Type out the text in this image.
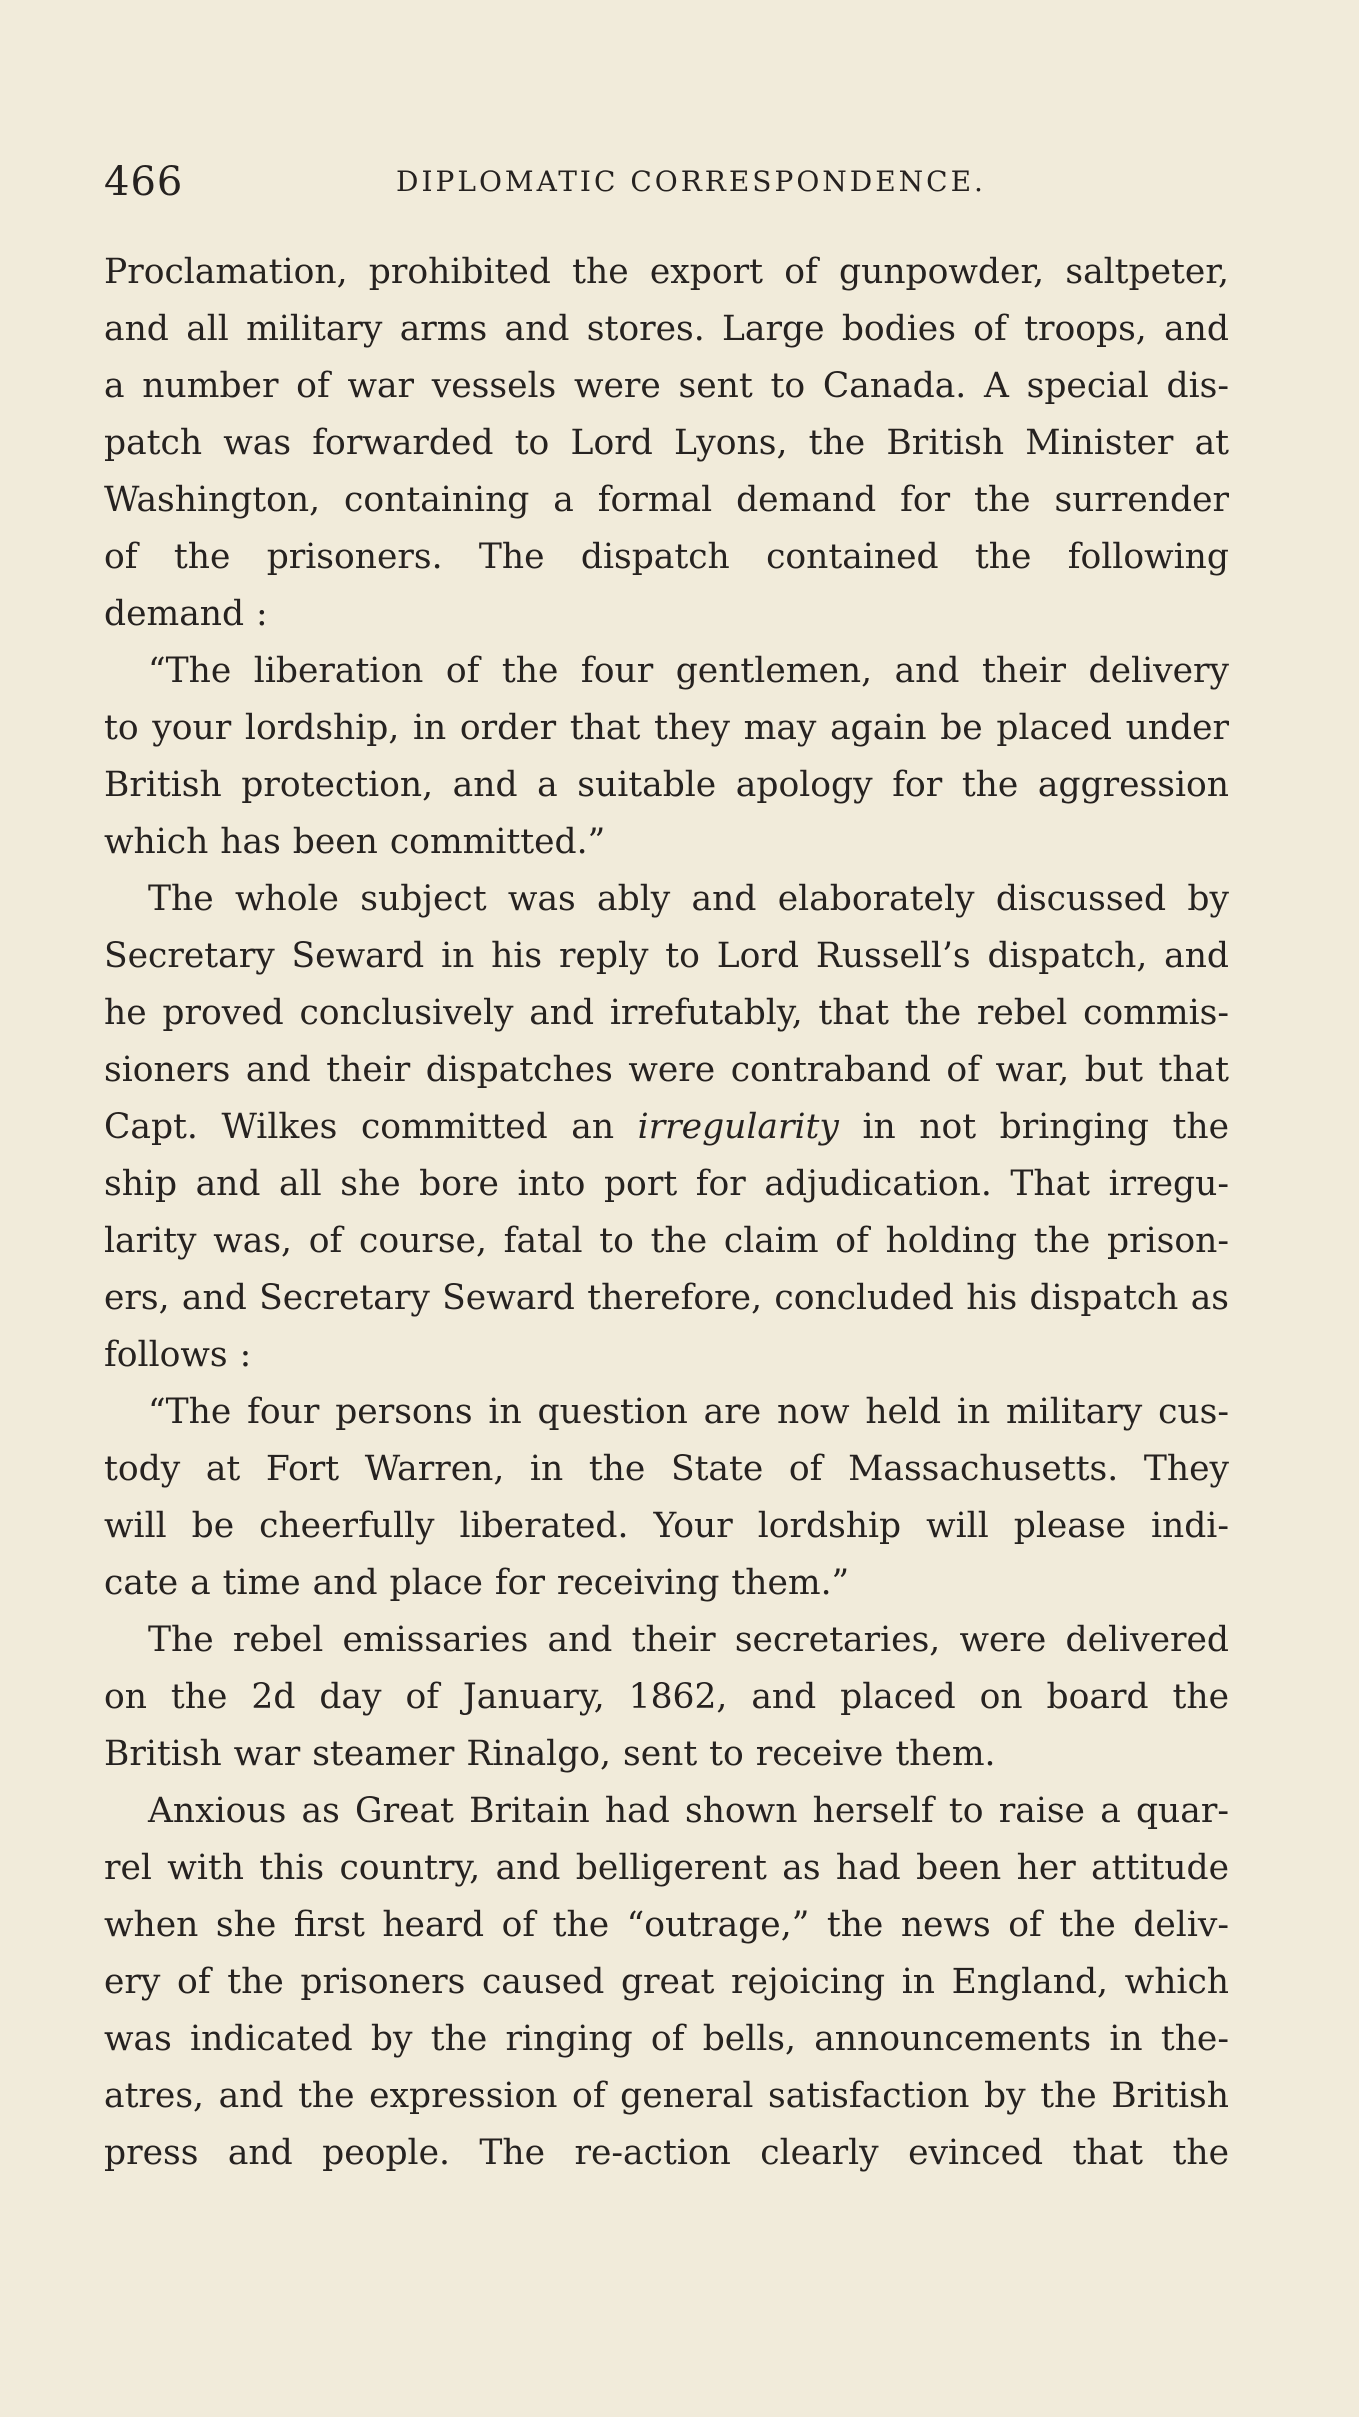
466	DIPLOMATIC CORRESPONDENCE.
Proclamation, prohibited the export of gunpowder, saltpeter,
and all military arms and stores. Large bodies of troops, and
a number of war vessels were sent to Canada. A special dis-
patch was forwarded to Lord Lyons, the British Minister at
Washington, containing a formal demand for the surrender
of the prisoners. The dispatch contained the following
demand :
“The liberation of the four gentlemen, and their delivery
to your lordship, in order that they may again be placed under
British protection, and a suitable apology for the aggression
which has been committed.”
The whole subject was ably and elaborately discussed by
Secretary Seward in his reply to Lord Russell’s dispatch, and
he proved conclusively and irrefutably, that the rebel commis-
sioners and their dispatches were contraband of war, but that
Capt. Wilkes committed an irregularity in not bringing the
ship and all she bore into port for adjudication. That irregu-
larity was, of course, fatal to the claim of holding the prison-
ers, and Secretary Seward therefore, concluded his dispatch as
follows :
“The four persons in question are now held in military cus-
tody at Fort Warren, in the State of Massachusetts. They
will be cheerfully liberated. Your lordship will please indi-
cate a time and place for receiving them.”
The rebel emissaries and their secretaries, were delivered
on the 2d day of January, 1862, and placed on board the
British war steamer Rinalgo, sent to receive them.
Anxious as Great Britain had shown herself to raise a quar-
rel with this country, and belligerent as had been her attitude
when she first heard of the “outrage,” the news of the deliv-
ery of the prisoners caused great rejoicing in England, which
was indicated by the ringing of bells, announcements in the-
atres, and the expression of general satisfaction by the British
press and people. The re-action clearly evinced that the
